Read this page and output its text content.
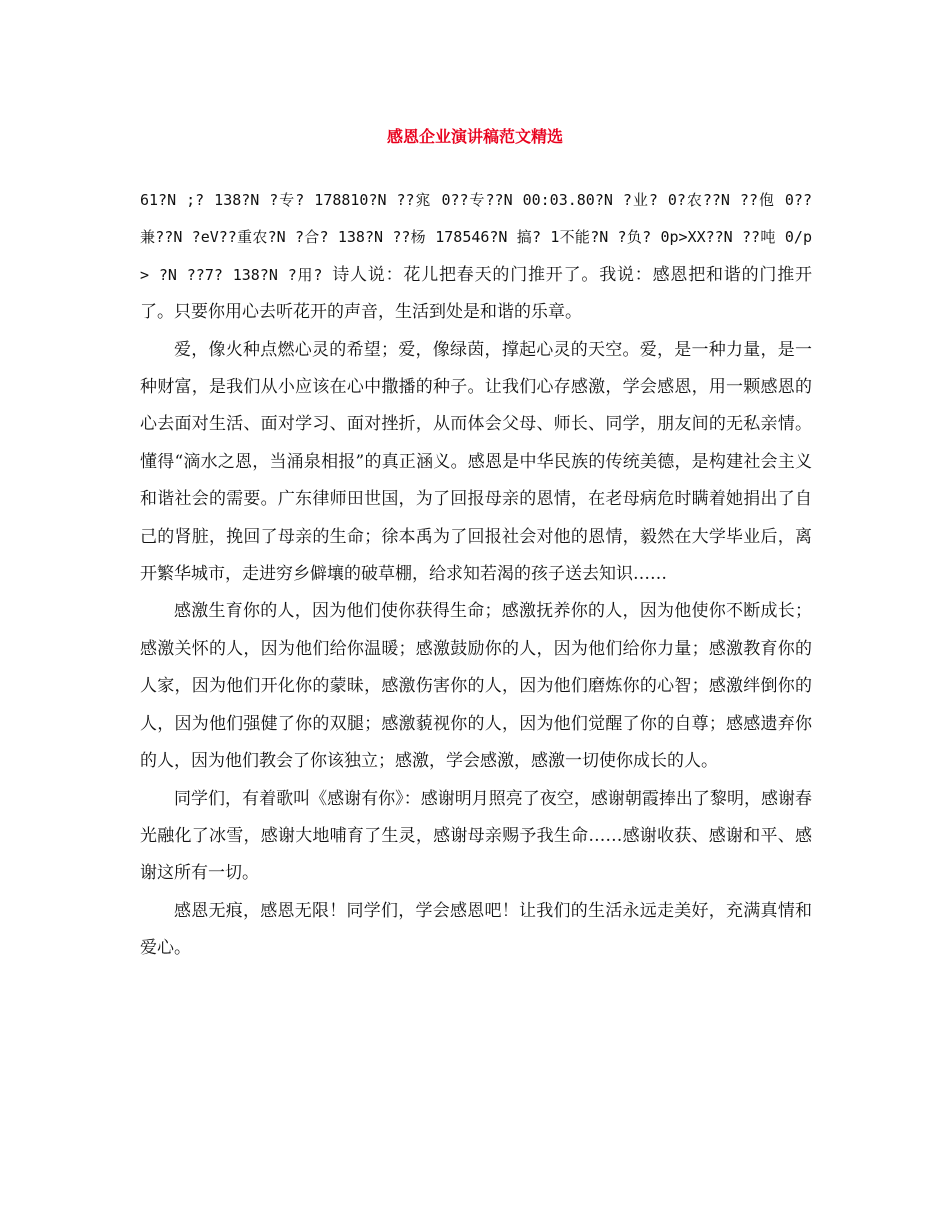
感恩企业演讲稿范文精选

61?N ;? 138?N ?专? 178810?N ??宨 0??专??N 00:03.80?N ?业? 0?农??N ??佨 0??兼??N ?eV??重农?N ?合? 138?N ??杨 178546?N 搞? 1不能?N ?负? 0p>XX??N ??吨 0/p> ?N ??7? 138?N ?用? 诗人说：花儿把春天的门推开了。我说：感恩把和谐的门推开了。只要你用心去听花开的声音，生活到处是和谐的乐章。

爱，像火种点燃心灵的希望；爱，像绿茵，撑起心灵的天空。爱，是一种力量，是一种财富，是我们从小应该在心中撒播的种子。让我们心存感激，学会感恩，用一颗感恩的心去面对生活、面对学习、面对挫折，从而体会父母、师长、同学，朋友间的无私亲情。懂得“滴水之恩，当涌泉相报”的真正涵义。感恩是中华民族的传统美德，是构建社会主义和谐社会的需要。广东律师田世国，为了回报母亲的恩情，在老母病危时瞒着她捐出了自己的肾脏，挽回了母亲的生命；徐本禹为了回报社会对他的恩情，毅然在大学毕业后，离开繁华城市，走进穷乡僻壤的破草棚，给求知若渴的孩子送去知识……

感激生育你的人，因为他们使你获得生命；感激抚养你的人，因为他使你不断成长；感激关怀的人，因为他们给你温暖；感激鼓励你的人，因为他们给你力量；感激教育你的人家，因为他们开化你的蒙昧，感激伤害你的人，因为他们磨炼你的心智；感激绊倒你的人，因为他们强健了你的双腿；感激藐视你的人，因为他们觉醒了你的自尊；感感遗弃你的人，因为他们教会了你该独立；感激，学会感激，感激一切使你成长的人。

同学们，有着歌叫《感谢有你》：感谢明月照亮了夜空，感谢朝霞捧出了黎明，感谢春光融化了冰雪，感谢大地哺育了生灵，感谢母亲赐予我生命……感谢收获、感谢和平、感谢这所有一切。

感恩无痕，感恩无限！同学们，学会感恩吧！让我们的生活永远走美好，充满真情和爱心。
